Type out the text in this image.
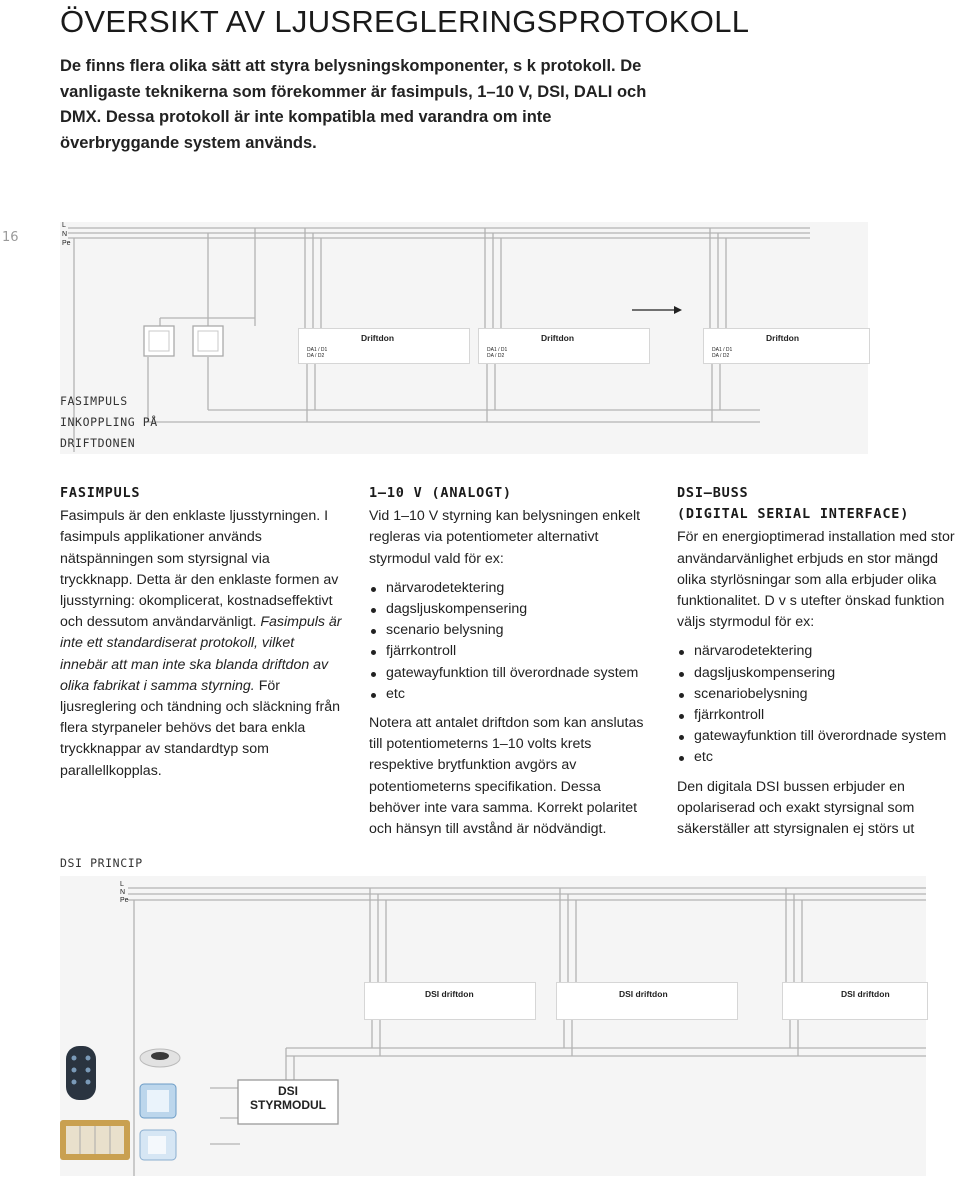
ÖVERSIKT AV LJUSREGLERINGSPROTOKOLL
De finns flera olika sätt att styra belysningskomponenter, s k protokoll. De vanligaste teknikerna som förekommer är fasimpuls, 1–10 V, DSI, DALI och DMX. Dessa protokoll är inte kompatibla med varandra om inte överbryggande system används.
16
L
N
Pe
Driftdon
DA1 / D1
DA / D2
Driftdon
DA1 / D1
DA / D2
Driftdon
DA1 / D1
DA / D2
FASIMPULS
INKOPPLING PÅ
DRIFTDONEN
FASIMPULS

Fasimpuls är den enklaste ljusstyrningen. I fasimpuls applikationer används nätspänningen som styrsignal via tryckknapp. Detta är den enklaste formen av ljusstyrning: okomplicerat, kostnadseffektivt och dessutom användarvänligt. Fasimpuls är inte ett standardiserat protokoll, vilket innebär att man inte ska blanda driftdon av olika fabrikat i samma styrning. För ljusreglering och tändning och släckning från flera styrpaneler behövs det bara enkla tryckknappar av standardtyp som parallellkopplas.

1–10 V (ANALOGT)

Vid 1–10 V styrning kan belysningen enkelt regleras via potentiometer alternativt styrmodul vald för ex:

närvarodetektering
dagsljuskompensering
scenario belysning
fjärrkontroll
gatewayfunktion till överordnade system
etc

Notera att antalet driftdon som kan anslutas till potentiometerns 1–10 volts krets respektive brytfunktion avgörs av potentiometerns specifikation. Dessa behöver inte vara samma. Korrekt polaritet och hänsyn till avstånd är nödvändigt.

DSI–BUSS
(DIGITAL SERIAL INTERFACE)

För en energioptimerad installation med stor användarvänlighet erbjuds en stor mängd olika styrlösningar som alla erbjuder olika funktionalitet. D v s utefter önskad funktion väljs styrmodul för ex:

närvarodetektering
dagsljuskompensering
scenariobelysning
fjärrkontroll
gatewayfunktion till överordnade system
etc

Den digitala DSI bussen erbjuder en opolariserad och exakt styrsignal som säkerställer att styrsignalen ej störs ut

DSI PRINCIP
L
N
Pe
DSI driftdon	DSI driftdon	DSI driftdon
DSI
STYRMODUL
